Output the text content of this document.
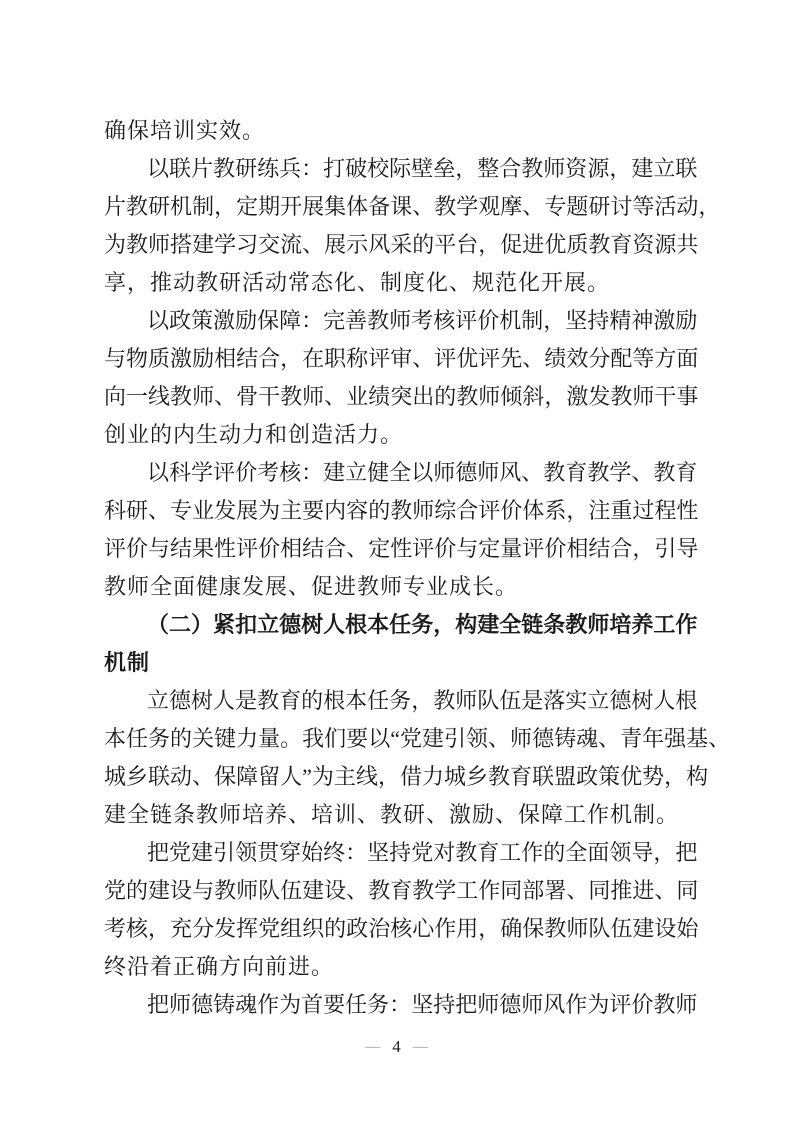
确保培训实效。
以 联 片 教 研 练 兵 ： 打 破 校 际 壁 垒 ， 整 合 教 师 资 源 ， 建 立 联
片 教 研 机 制 ， 定 期 开 展 集 体 备 课 、 教 学 观 摩 、 专 题 研 讨 等 活 动 ，
为 教 师 搭 建 学 习 交 流 、 展 示 风 采 的 平 台 ， 促 进 优 质 教 育 资 源 共
享，推动教研活动常态化、制度化、规范化开展。
以 政 策 激 励 保 障 ： 完 善 教 师 考 核 评 价 机 制 ， 坚 持 精 神 激 励
与 物 质 激 励 相 结 合 ， 在 职 称 评 审 、 评 优 评 先 、 绩 效 分 配 等 方 面
向 一 线 教 师 、 骨 干 教 师 、 业 绩 突 出 的 教 师 倾 斜 ， 激 发 教 师 干 事
创业的内生动力和创造活力。
以 科 学 评 价 考 核 ： 建 立 健 全 以 师 德 师 风 、 教 育 教 学 、 教 育
科 研 、 专 业 发 展 为 主 要 内 容 的 教 师 综 合 评 价 体 系 ， 注 重 过 程 性
评 价 与 结 果 性 评 价 相 结 合 、 定 性 评 价 与 定 量 评 价 相 结 合 ， 引 导
教师全面健康发展、促进教师专业成长。
（ 二 ） 紧 扣 立 德 树 人 根 本 任 务 ， 构 建 全 链 条 教 师 培 养 工 作
机制
立 德 树 人 是 教 育 的 根 本 任 务 ， 教 师 队 伍 是 落 实 立 德 树 人 根
本 任 务 的 关 键 力 量 。 我 们 要 以 “ 党 建 引 领 、 师 德 铸 魂 、 青 年 强 基 、
城 乡 联 动 、 保 障 留 人 ” 为 主 线 ， 借 力 城 乡 教 育 联 盟 政 策 优 势 ， 构
建全链条教师培养、培训、教研、激励、保障工作机制。
把 党 建 引 领 贯 穿 始 终 ： 坚 持 党 对 教 育 工 作 的 全 面 领 导 ， 把
党 的 建 设 与 教 师 队 伍 建 设 、 教 育 教 学 工 作 同 部 署 、 同 推 进 、 同
考 核 ， 充 分 发 挥 党 组 织 的 政 治 核 心 作 用 ， 确 保 教 师 队 伍 建 设 始
终沿着正确方向前进。
把 师 德 铸 魂 作 为 首 要 任 务 ： 坚 持 把 师 德 师 风 作 为 评 价 教 师
— 4 —
